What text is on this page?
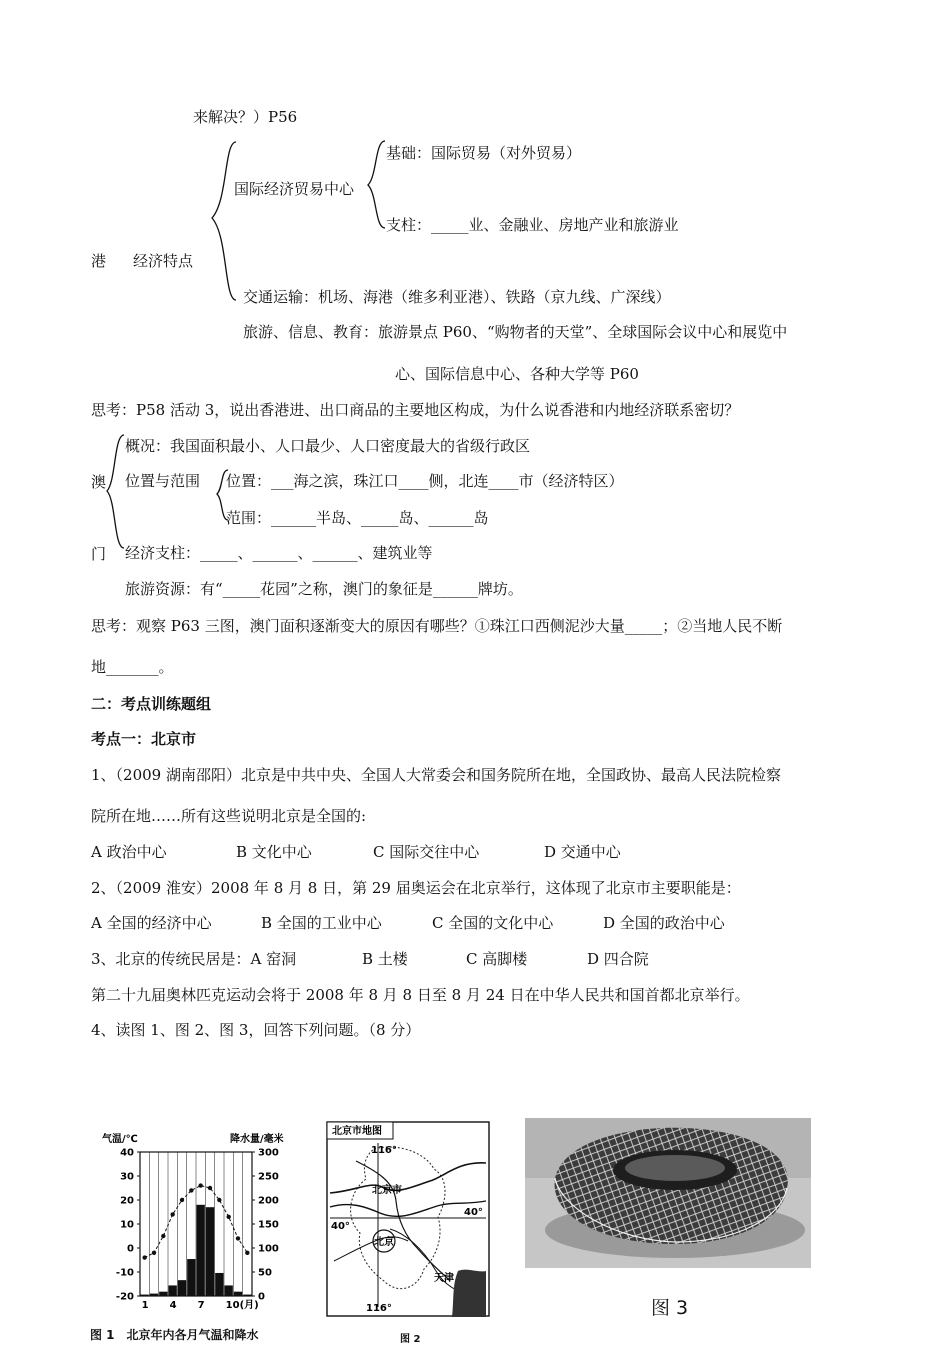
来解决？）P56
基础：国际贸易（对外贸易）
国际经济贸易中心
支柱：_____业、金融业、房地产业和旅游业
港 经济特点
交通运输：机场、海港（维多利亚港）、铁路（京九线、广深线）
旅游、信息、教育：旅游景点 P60、“购物者的天堂”、全球国际会议中心和展览中
心、国际信息中心、各种大学等 P60
思考：P58 活动 3，说出香港进、出口商品的主要地区构成，为什么说香港和内地经济联系密切？
概况：我国面积最小、人口最少、人口密度最大的省级行政区
澳 位置与范围 位置：___海之滨，珠江口____侧，北连____市（经济特区）
范围：______半岛、_____岛、______岛
门 经济支柱：_____、______、______、建筑业等
旅游资源：有“_____花园”之称，澳门的象征是______牌坊。
思考：观察 P63 三图，澳门面积逐渐变大的原因有哪些？①珠江口西侧泥沙大量_____；②当地人民不断
地_______。
二：考点训练题组
考点一：北京市
1、（2009 湖南邵阳）北京是中共中央、全国人大常委会和国务院所在地，全国政协、最高人民法院检察
院所在地……所有这些说明北京是全国的:
A 政治中心	B 文化中心	C 国际交往中心	D 交通中心
2、（2009 淮安）2008 年 8 月 8 日，第 29 届奥运会在北京举行，这体现了北京市主要职能是：
A 全国的经济中心	B 全国的工业中心	C 全国的文化中心	D 全国的政治中心
3、北京的传统民居是：A 窑洞	B 土楼	C 高脚楼	D 四合院
第二十九届奥林匹克运动会将于 2008 年 8 月 8 日至 8 月 24 日在中华人民共和国首都北京举行。
4、读图 1、图 2、图 3，回答下列问题。（8 分）
气温/℃	降水量/毫米
40
30
20
10
0
-10
-20
300
250
200
150
100
50
0
1 4 7 10(月)
图 1　北京年内各月气温和降水
北京市地图
116°
北京市
40°
40°
北京
天津
116°
图 2
图 3
